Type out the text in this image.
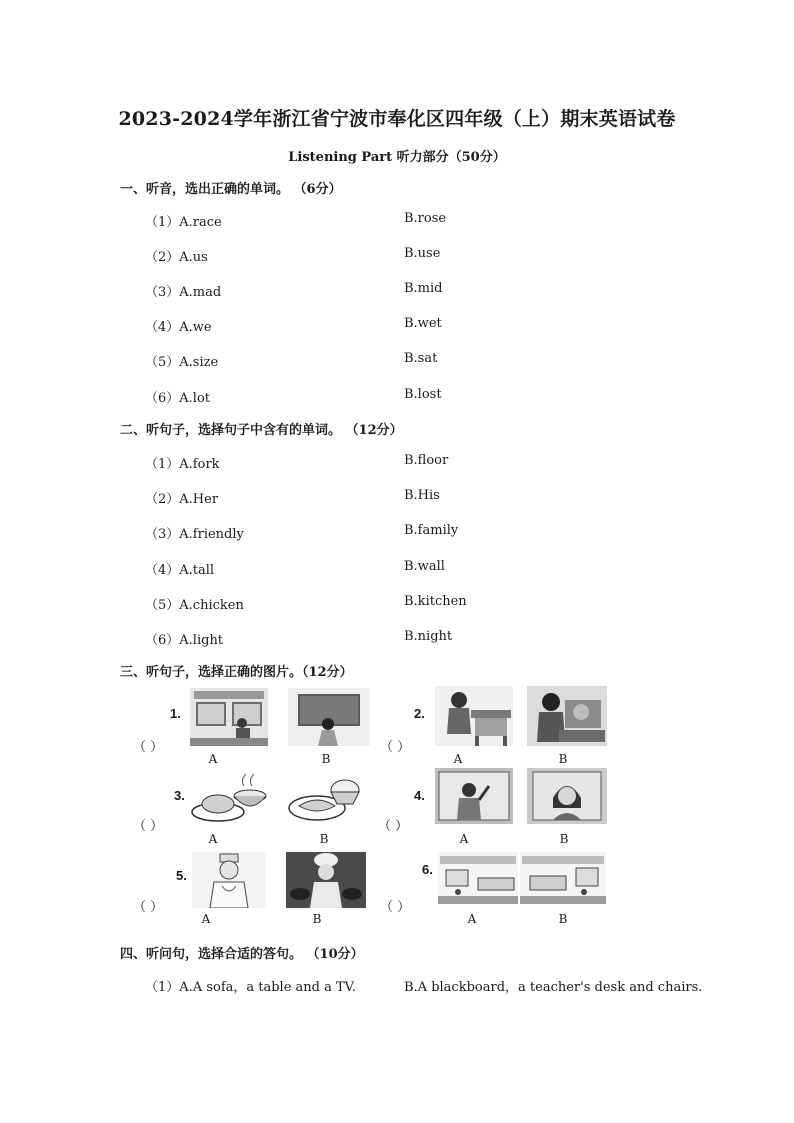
2023-2024学年浙江省宁波市奉化区四年级（上）期末英语试卷
Listening Part 听力部分（50分）
一、听音，选出正确的单词。 （6分）
（1）A.race	B.rose
（2）A.us	B.use
（3）A.mad	B.mid
（4）A.we	B.wet
（5）A.size	B.sat
（6）A.lot	B.lost
二、听句子，选择句子中含有的单词。 （12分）
（1）A.fork	B.floor
（2）A.Her	B.His
（3）A.friendly	B.family
（4）A.tall	B.wall
（5）A.chicken	B.kitchen
（6）A.light	B.night
三、听句子，选择正确的图片。（12分）
1.
（ ）
A	B
2.
（ ）
A	B
3.
（ ）
A	B
4.
（ ）
A	B
5.
（ ）
A	B
6.
（ ）
A	B
四、听问句，选择合适的答句。 （10分）
（1）A.A sofa，a table and a TV.	B.A blackboard，a teacher's desk and chairs.
